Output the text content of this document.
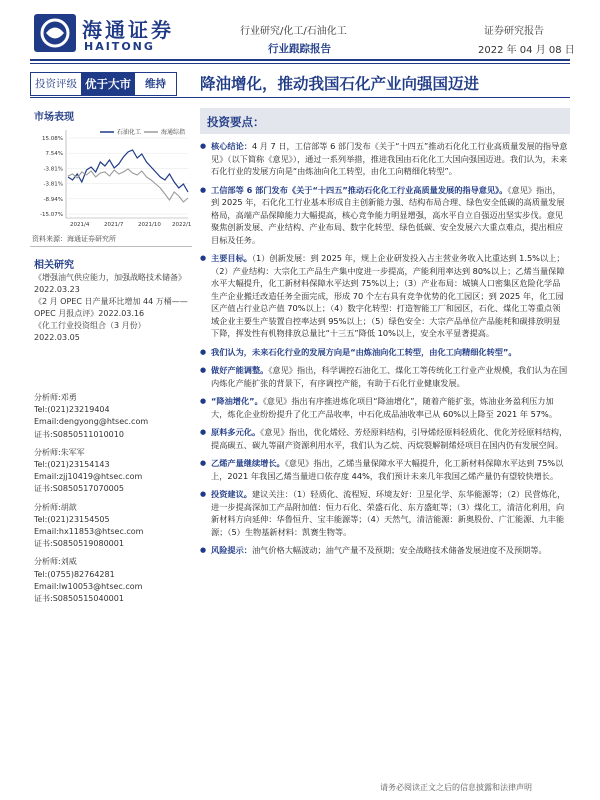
海通证券
HAITONG
行业研究/化工/石油化工
行业跟踪报告
证券研究报告
2022 年 04 月 08 日
投资评级 优于大市	维持	降油增化，推动我国石化产业向强国迈进
市场表现
石油化工	海通综指
15.08%
7.54%
-3.81%
-3.81%
-8.94%
-15.07%
2021/4	2021/7	2021/10 2022/1
资料来源：海通证券研究所
相关研究
《增强油气供应能力，加强战略技术储备》2022.03.23
《2 月 OPEC 日产量环比增加 44 万桶——OPEC 月报点评》2022.03.16
《化工行业投资组合（3 月份）2022.03.05
分析师:邓勇
Tel:(021)23219404
Email:dengyong@htsec.com
证书:S0850511010010
分析师:朱军军
Tel:(021)23154143
Email:zjj10419@htsec.com
证书:S0850517070005
分析师:胡歆
Tel:(021)23154505
Email:hx11853@htsec.com
证书:S0850519080001
分析师:刘威
Tel:(0755)82764281
Email:lw10053@htsec.com
证书:S0850515040001
投资要点：
● 核心结论：4 月 7 日，工信部等 6 部门发布《关于“十四五”推动石化化工行业高质量发展的指导意见》（以下简称《意见》），通过一系列举措，推进我国由石化化工大国向强国迈进。我们认为，未来石化行业的发展方向是“由炼油向化工转型，由化工向精细化转型”。
● 工信部等 6 部门发布《关于“十四五”推动石化化工行业高质量发展的指导意见》。《意见》指出，到 2025 年，石化化工行业基本形成自主创新能力强、结构布局合理、绿色安全低碳的高质量发展格局，高端产品保障能力大幅提高，核心竞争能力明显增强，高水平自立自强迈出坚实步伐。意见聚焦创新发展、产业结构、产业布局、数字化转型、绿色低碳、安全发展六大重点难点，提出相应目标及任务。
● 主要目标。（1）创新发展：到 2025 年，规上企业研发投入占主营业务收入比重达到 1.5%以上；（2）产业结构：大宗化工产品生产集中度进一步提高，产能利用率达到 80%以上；乙烯当量保障水平大幅提升，化工新材料保障水平达到 75%以上；（3）产业布局：城镇人口密集区危险化学品生产企业搬迁改造任务全面完成，形成 70 个左右具有竞争优势的化工园区；到 2025 年，化工园区产值占行业总产值 70%以上；（4）数字化转型：打造智能工厂和园区，石化、煤化工等重点领域企业主要生产装置自控率达到 95%以上；（5）绿色安全：大宗产品单位产品能耗和碳排放明显下降，挥发性有机物排放总量比“十三五”降低 10%以上，安全水平显著提高。
● 我们认为，未来石化行业的发展方向是“由炼油向化工转型，由化工向精细化转型”。
● 做好产能调整。《意见》指出，科学调控石油化工、煤化工等传统化工行业产业规模，我们认为在国内炼化产能扩张的背景下，有序调控产能，有助于石化行业健康发展。
● “降油增化”。《意见》指出有序推进炼化项目“降油增化”，随着产能扩张，炼油业务盈利压力加大，炼化企业纷纷提升了化工产品收率，中石化成品油收率已从 60%以上降至 2021 年 57%。
● 原料多元化。《意见》指出，优化烯烃、芳烃原料结构，引导烯烃原料轻质化、优化芳烃原料结构，提高碳五、碳九等副产资源利用水平，我们认为乙烷、丙烷裂解制烯烃项目在国内仍有发展空间。
● 乙烯产量继续增长。《意见》指出，乙烯当量保障水平大幅提升，化工新材料保障水平达到 75%以上，2021 年我国乙烯当量进口依存度 44%，我们预计未来几年我国乙烯产量仍有望较快增长。
● 投资建议。建议关注：（1）轻质化、流程短、环境友好：卫星化学、东华能源等；（2）民营炼化，进一步提高深加工产品附加值：恒力石化、荣盛石化、东方盛虹等；（3）煤化工，清洁化利用，向新材料方向延伸：华鲁恒升、宝丰能源等；（4）天然气，清洁能源：新奥股份、广汇能源、九丰能源；（5）生物基新材料：凯赛生物等。
● 风险提示：油气价格大幅波动；油气产量不及预期；安全战略技术储备发展进度不及预期等。
请务必阅读正文之后的信息披露和法律声明
